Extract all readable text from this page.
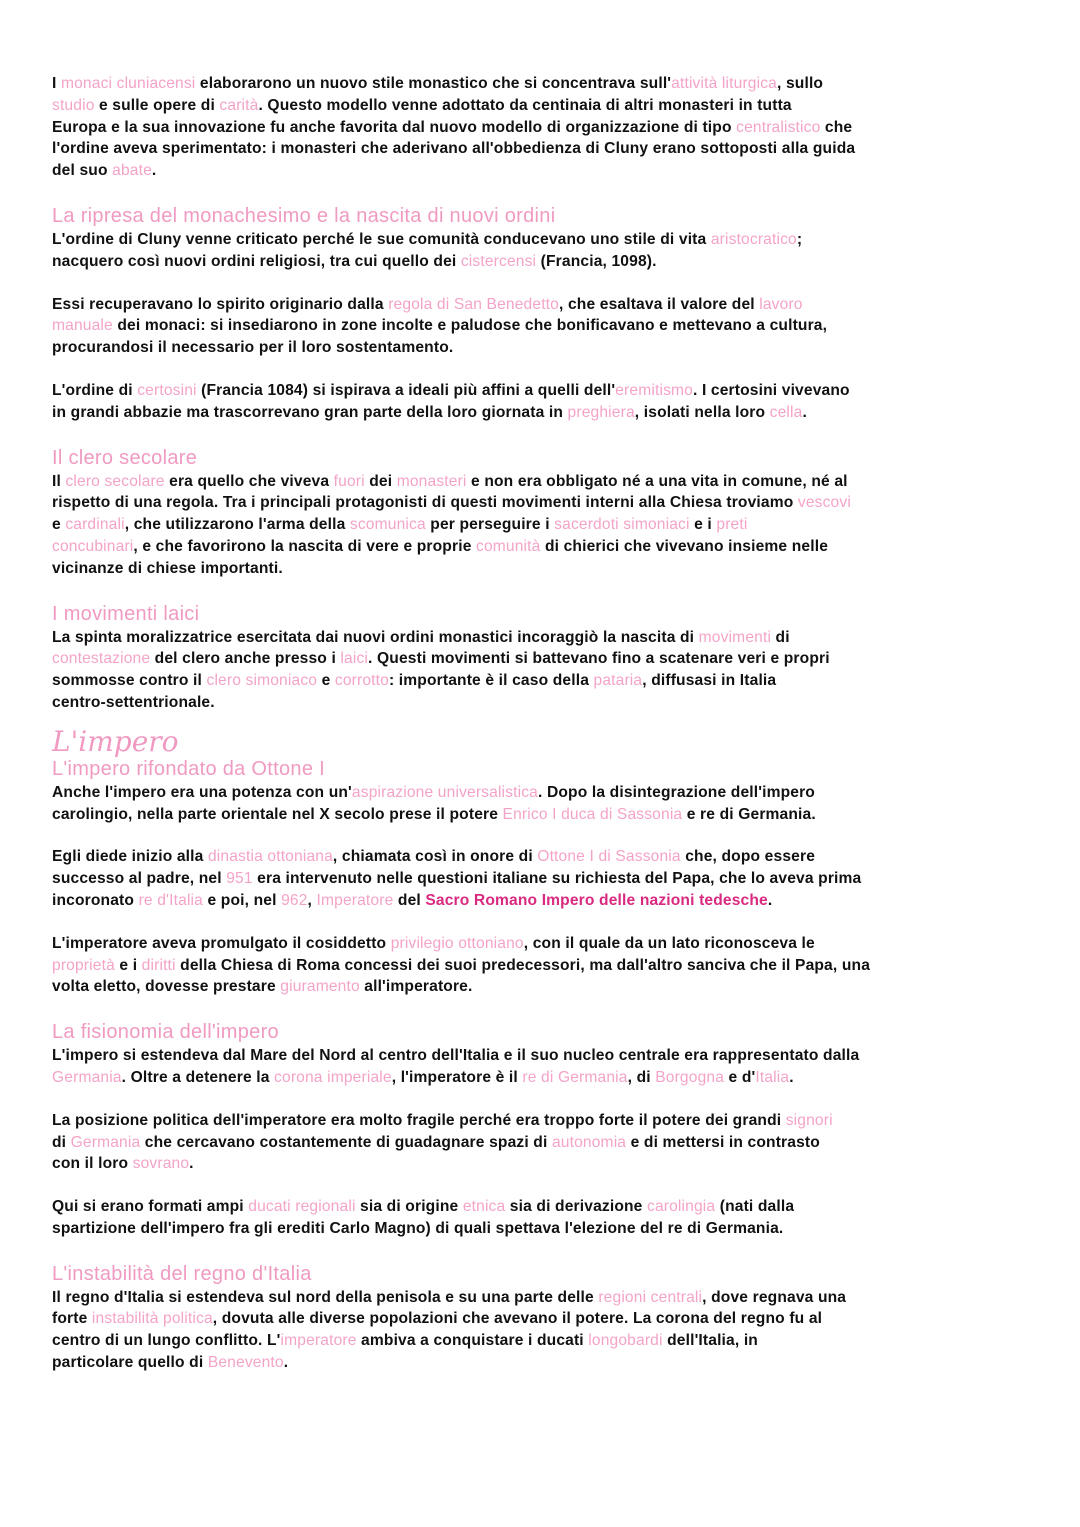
I monaci cluniacensi elaborarono un nuovo stile monastico che si concentrava sull'attività liturgica, sullo
studio e sulle opere di carità. Questo modello venne adottato da centinaia di altri monasteri in tutta
Europa e la sua innovazione fu anche favorita dal nuovo modello di organizzazione di tipo centralistico che
l'ordine aveva sperimentato: i monasteri che aderivano all'obbedienza di Cluny erano sottoposti alla guida
del suo abate.
La ripresa del monachesimo e la nascita di nuovi ordini
L'ordine di Cluny venne criticato perché le sue comunità conducevano uno stile di vita aristocratico;
nacquero così nuovi ordini religiosi, tra cui quello dei cistercensi (Francia, 1098).
Essi recuperavano lo spirito originario dalla regola di San Benedetto, che esaltava il valore del lavoro
manuale dei monaci: si insediarono in zone incolte e paludose che bonificavano e mettevano a cultura,
procurandosi il necessario per il loro sostentamento.
L'ordine di certosini (Francia 1084) si ispirava a ideali più affini a quelli dell'eremitismo. I certosini vivevano
in grandi abbazie ma trascorrevano gran parte della loro giornata in preghiera, isolati nella loro cella.
Il clero secolare
Il clero secolare era quello che viveva fuori dei monasteri e non era obbligato né a una vita in comune, né al
rispetto di una regola. Tra i principali protagonisti di questi movimenti interni alla Chiesa troviamo vescovi
e cardinali, che utilizzarono l'arma della scomunica per perseguire i sacerdoti simoniaci e i preti
concubinari, e che favorirono la nascita di vere e proprie comunità di chierici che vivevano insieme nelle
vicinanze di chiese importanti.
I movimenti laici
La spinta moralizzatrice esercitata dai nuovi ordini monastici incoraggiò la nascita di movimenti di
contestazione del clero anche presso i laici. Questi movimenti si battevano fino a scatenare veri e propri
sommosse contro il clero simoniaco e corrotto: importante è il caso della pataria, diffusasi in Italia
centro-settentrionale.
L'impero
L'impero rifondato da Ottone I
Anche l'impero era una potenza con un'aspirazione universalistica. Dopo la disintegrazione dell'impero
carolingio, nella parte orientale nel X secolo prese il potere Enrico I duca di Sassonia e re di Germania.
Egli diede inizio alla dinastia ottoniana, chiamata così in onore di Ottone I di Sassonia che, dopo essere
successo al padre, nel 951 era intervenuto nelle questioni italiane su richiesta del Papa, che lo aveva prima
incoronato re d'Italia e poi, nel 962, Imperatore del Sacro Romano Impero delle nazioni tedesche.
L'imperatore aveva promulgato il cosiddetto privilegio ottoniano, con il quale da un lato riconosceva le
proprietà e i diritti della Chiesa di Roma concessi dei suoi predecessori, ma dall'altro sanciva che il Papa, una
volta eletto, dovesse prestare giuramento all'imperatore.
La fisionomia dell'impero
L'impero si estendeva dal Mare del Nord al centro dell'Italia e il suo nucleo centrale era rappresentato dalla
Germania. Oltre a detenere la corona imperiale, l'imperatore è il re di Germania, di Borgogna e d'Italia.
La posizione politica dell'imperatore era molto fragile perché era troppo forte il potere dei grandi signori
di Germania che cercavano costantemente di guadagnare spazi di autonomia e di mettersi in contrasto
con il loro sovrano.
Qui si erano formati ampi ducati regionali sia di origine etnica sia di derivazione carolingia (nati dalla
spartizione dell'impero fra gli erediti Carlo Magno) di quali spettava l'elezione del re di Germania.
L'instabilità del regno d'Italia
Il regno d'Italia si estendeva sul nord della penisola e su una parte delle regioni centrali, dove regnava una
forte instabilità politica, dovuta alle diverse popolazioni che avevano il potere. La corona del regno fu al
centro di un lungo conflitto. L'imperatore ambiva a conquistare i ducati longobardi dell'Italia, in
particolare quello di Benevento.
